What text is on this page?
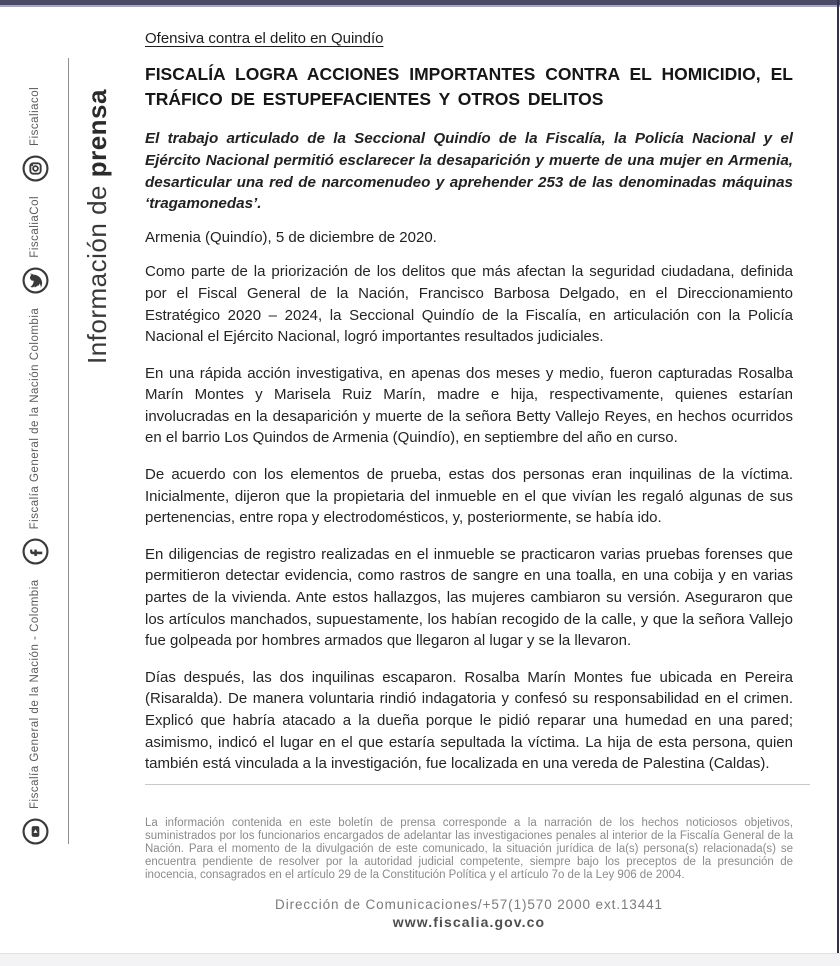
Fiscalía General de la Nación - Colombia
Fiscalía General de la Nación Colombia
FiscaliaCol
Fiscaliacol
Información de prensa
Ofensiva contra el delito en Quindío
FISCALÍA LOGRA ACCIONES IMPORTANTES CONTRA EL HOMICIDIO, EL TRÁFICO DE ESTUPEFACIENTES Y OTROS DELITOS
El trabajo articulado de la Seccional Quindío de la Fiscalía, la Policía Nacional y el Ejército Nacional permitió esclarecer la desaparición y muerte de una mujer en Armenia, desarticular una red de narcomenudeo y aprehender 253 de las denominadas máquinas ‘tragamonedas’.
Armenia (Quindío), 5 de diciembre de 2020.
Como parte de la priorización de los delitos que más afectan la seguridad ciudadana, definida por el Fiscal General de la Nación, Francisco Barbosa Delgado, en el Direccionamiento Estratégico 2020 – 2024, la Seccional Quindío de la Fiscalía, en articulación con la Policía Nacional el Ejército Nacional, logró importantes resultados judiciales.
En una rápida acción investigativa, en apenas dos meses y medio, fueron capturadas Rosalba Marín Montes y Marisela Ruiz Marín, madre e hija, respectivamente, quienes estarían involucradas en la desaparición y muerte de la señora Betty Vallejo Reyes, en hechos ocurridos en el barrio Los Quindos de Armenia (Quindío), en septiembre del año en curso.
De acuerdo con los elementos de prueba, estas dos personas eran inquilinas de la víctima. Inicialmente, dijeron que la propietaria del inmueble en el que vivían les regaló algunas de sus pertenencias, entre ropa y electrodomésticos, y, posteriormente, se había ido.
En diligencias de registro realizadas en el inmueble se practicaron varias pruebas forenses que permitieron detectar evidencia, como rastros de sangre en una toalla, en una cobija y en varias partes de la vivienda. Ante estos hallazgos, las mujeres cambiaron su versión. Aseguraron que los artículos manchados, supuestamente, los habían recogido de la calle, y que la señora Vallejo fue golpeada por hombres armados que llegaron al lugar y se la llevaron.
Días después, las dos inquilinas escaparon. Rosalba Marín Montes fue ubicada en Pereira (Risaralda). De manera voluntaria rindió indagatoria y confesó su responsabilidad en el crimen. Explicó que habría atacado a la dueña porque le pidió reparar una humedad en una pared; asimismo, indicó el lugar en el que estaría sepultada la víctima. La hija de esta persona, quien también está vinculada a la investigación, fue localizada en una vereda de Palestina (Caldas).
La información contenida en este boletín de prensa corresponde a la narración de los hechos noticiosos objetivos, suministrados por los funcionarios encargados de adelantar las investigaciones penales al interior de la Fiscalía General de la Nación. Para el momento de la divulgación de este comunicado, la situación jurídica de la(s) persona(s) relacionada(s) se encuentra pendiente de resolver por la autoridad judicial competente, siempre bajo los preceptos de la presunción de inocencia, consagrados en el artículo 29 de la Constitución Política y el artículo 7o de la Ley 906 de 2004.
Dirección de Comunicaciones/+57(1)570 2000 ext.13441
www.fiscalia.gov.co
